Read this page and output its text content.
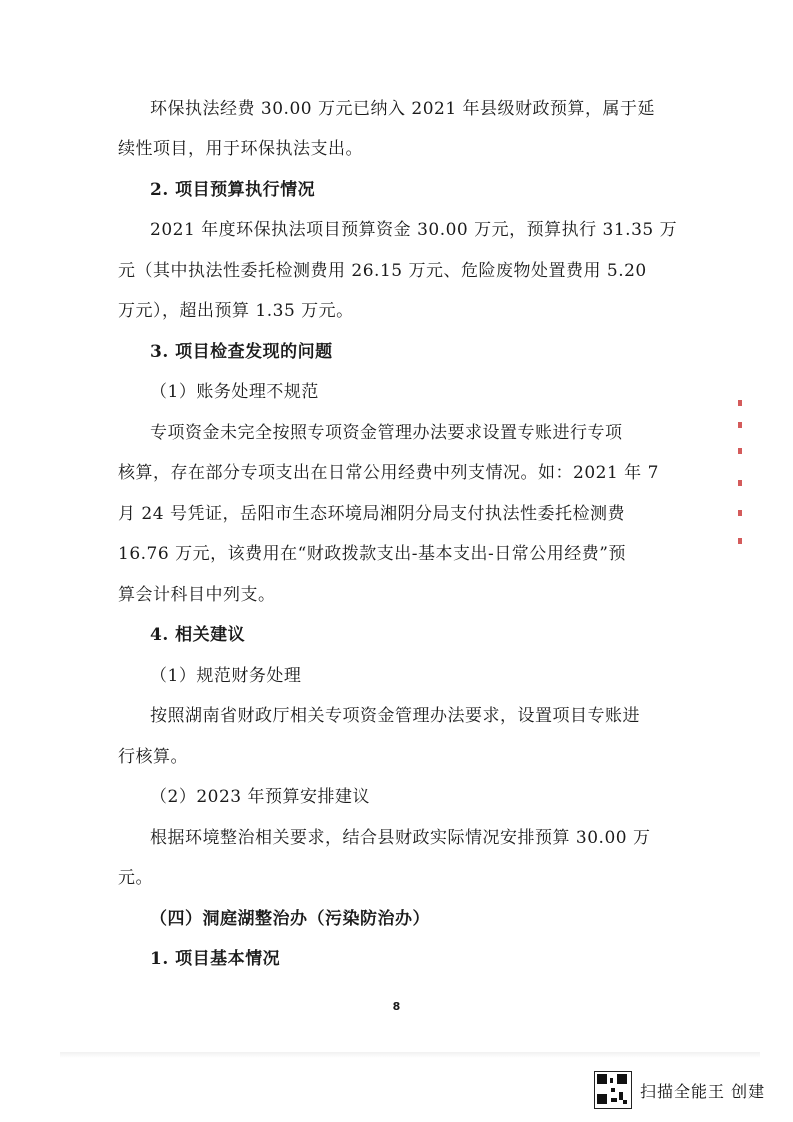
环保执法经费 30.00 万元已纳入 2021 年县级财政预算，属于延
续性项目，用于环保执法支出。
2. 项目预算执行情况
2021 年度环保执法项目预算资金 30.00 万元，预算执行 31.35 万
元（其中执法性委托检测费用 26.15 万元、危险废物处置费用 5.20
万元），超出预算 1.35 万元。
3. 项目检查发现的问题
（1）账务处理不规范
专项资金未完全按照专项资金管理办法要求设置专账进行专项
核算，存在部分专项支出在日常公用经费中列支情况。如：2021 年 7
月 24 号凭证，岳阳市生态环境局湘阴分局支付执法性委托检测费
16.76 万元，该费用在“财政拨款支出-基本支出-日常公用经费”预
算会计科目中列支。
4. 相关建议
（1）规范财务处理
按照湖南省财政厅相关专项资金管理办法要求，设置项目专账进
行核算。
（2）2023 年预算安排建议
根据环境整治相关要求，结合县财政实际情况安排预算 30.00 万
元。
（四）洞庭湖整治办（污染防治办）
1. 项目基本情况
8
扫描全能王 创建
